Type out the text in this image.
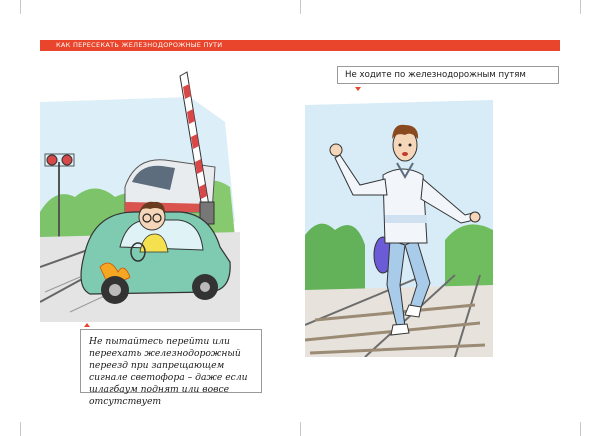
КАК ПЕРЕСЕКАТЬ ЖЕЛЕЗНОДОРОЖНЫЕ ПУТИ
Не пытайтесь перейти или переехать железнодорожный переезд при запрещающем сигнале светофора – даже если шлагбаум поднят или вовсе отсутствует
Не ходите по железнодорожным путям
